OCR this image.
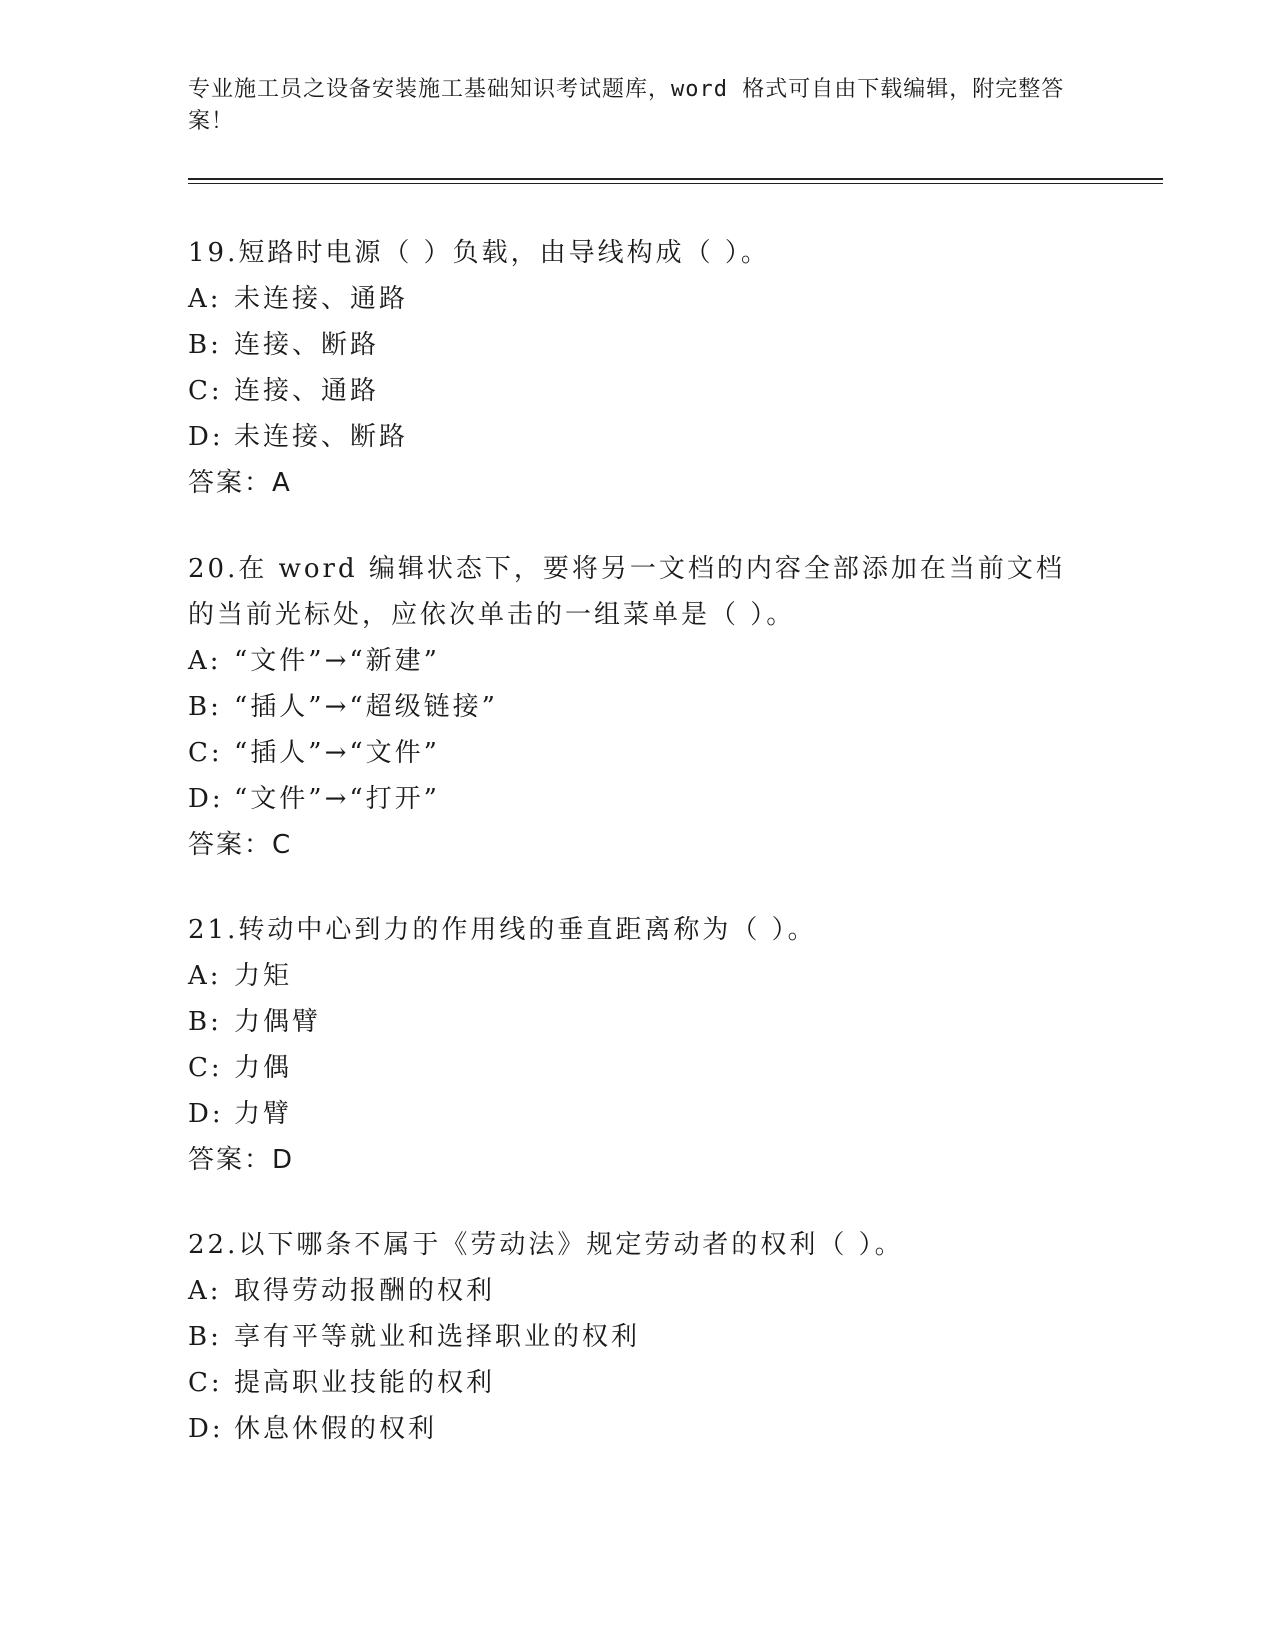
专业施工员之设备安装施工基础知识考试题库，word 格式可自由下载编辑，附完整答案！

19.短路时电源（ ）负载，由导线构成（ ）。

A: 未连接、通路

B: 连接、断路

C: 连接、通路

D: 未连接、断路

答案：A

20.在 word 编辑状态下，要将另一文档的内容全部添加在当前文档的当前光标处，应依次单击的一组菜单是（ ）。

A: “文件”→“新建”

B: “插人”→“超级链接”

C: “插人”→“文件”

D: “文件”→“打开”

答案：C

21.转动中心到力的作用线的垂直距离称为（ ）。

A: 力矩

B: 力偶臂

C: 力偶

D: 力臂

答案：D

22.以下哪条不属于《劳动法》规定劳动者的权利（ ）。

A: 取得劳动报酬的权利

B: 享有平等就业和选择职业的权利

C: 提高职业技能的权利

D: 休息休假的权利
